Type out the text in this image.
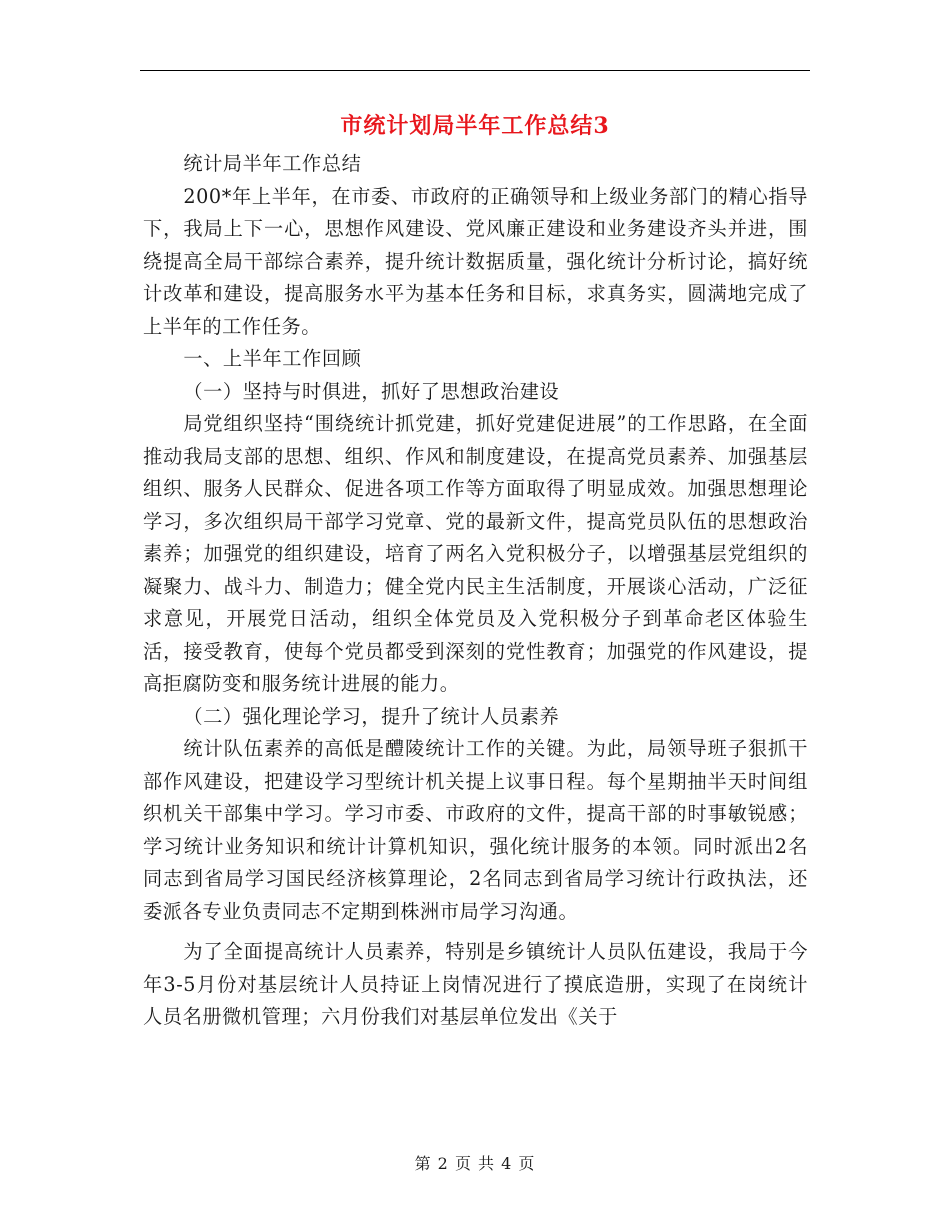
市统计划局半年工作总结3

统计局半年工作总结

200*年上半年，在市委、市政府的正确领导和上级业务部门的精心指导下，我局上下一心，思想作风建设、党风廉正建设和业务建设齐头并进，围绕提高全局干部综合素养，提升统计数据质量，强化统计分析讨论，搞好统计改革和建设，提高服务水平为基本任务和目标，求真务实，圆满地完成了上半年的工作任务。

一、上半年工作回顾

（一）坚持与时俱进，抓好了思想政治建设

局党组织坚持“围绕统计抓党建，抓好党建促进展”的工作思路，在全面推动我局支部的思想、组织、作风和制度建设，在提高党员素养、加强基层组织、服务人民群众、促进各项工作等方面取得了明显成效。加强思想理论学习，多次组织局干部学习党章、党的最新文件，提高党员队伍的思想政治素养；加强党的组织建设，培育了两名入党积极分子，以增强基层党组织的凝聚力、战斗力、制造力；健全党内民主生活制度，开展谈心活动，广泛征求意见，开展党日活动，组织全体党员及入党积极分子到革命老区体验生活，接受教育，使每个党员都受到深刻的党性教育；加强党的作风建设，提高拒腐防变和服务统计进展的能力。

（二）强化理论学习，提升了统计人员素养

统计队伍素养的高低是醴陵统计工作的关键。为此，局领导班子狠抓干部作风建设，把建设学习型统计机关提上议事日程。每个星期抽半天时间组织机关干部集中学习。学习市委、市政府的文件，提高干部的时事敏锐感；学习统计业务知识和统计计算机知识，强化统计服务的本领。同时派出2名同志到省局学习国民经济核算理论，2名同志到省局学习统计行政执法，还委派各专业负责同志不定期到株洲市局学习沟通。

为了全面提高统计人员素养，特别是乡镇统计人员队伍建设，我局于今年3-5月份对基层统计人员持证上岗情况进行了摸底造册，实现了在岗统计人员名册微机管理；六月份我们对基层单位发出《关于

第 2 页 共 4 页
